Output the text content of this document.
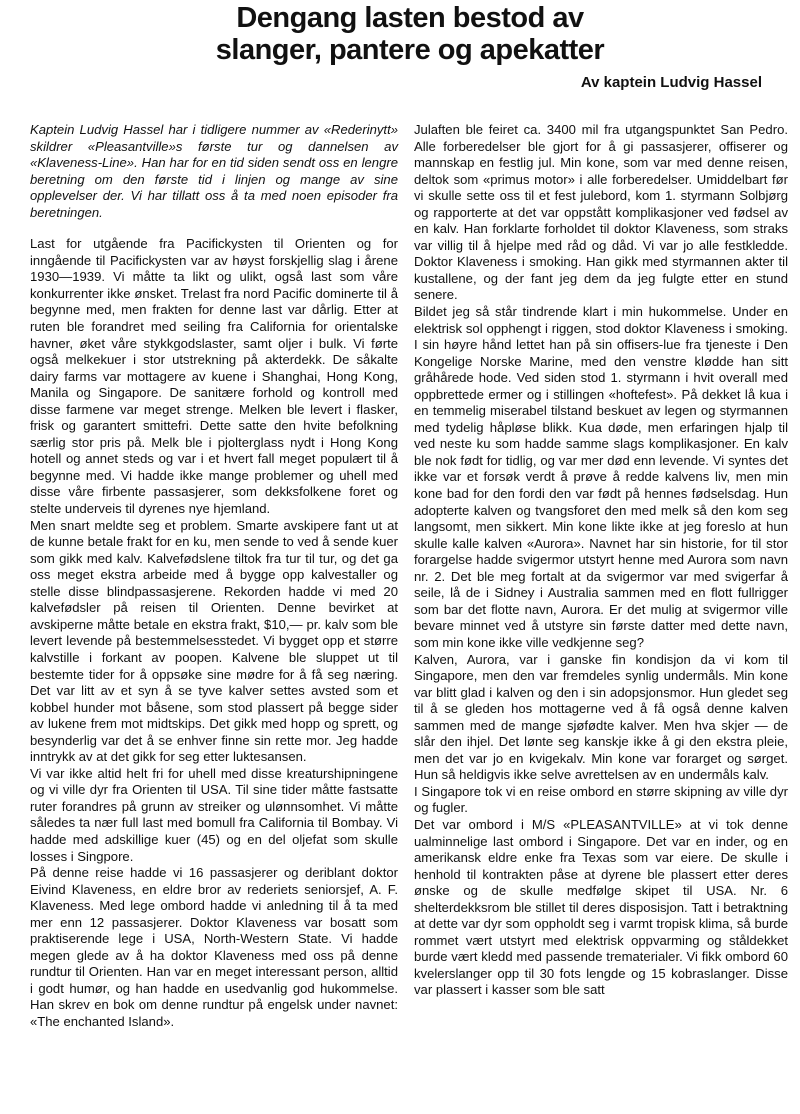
Dengang lasten bestod av
slanger, pantere og apekatter
Av kaptein Ludvig Hassel

Kaptein Ludvig Hassel har i tidligere nummer av «Rederinytt» skildrer «Pleasantville»s første tur og dannelsen av «Klaveness-Line». Han har for en tid siden sendt oss en lengre beretning om den første tid i linjen og mange av sine opplevelser der. Vi har tillatt oss å ta med noen episoder fra beretningen.

Last for utgående fra Pacifickysten til Orienten og for inngående til Pacifickysten var av høyst forskjellig slag i årene 1930—1939. Vi måtte ta likt og ulikt, også last som våre konkurrenter ikke ønsket. Trelast fra nord Pacific dominerte til å begynne med, men frakten for denne last var dårlig. Etter at ruten ble forandret med seiling fra California for orientalske havner, øket våre stykkgodslaster, samt oljer i bulk. Vi førte også melkekuer i stor utstrekning på akterdekk. De såkalte dairy farms var mottagere av kuene i Shanghai, Hong Kong, Manila og Singapore. De sanitære forhold og kontroll med disse farmene var meget strenge. Melken ble levert i flasker, frisk og garantert smittefri. Dette satte den hvite befolkning særlig stor pris på. Melk ble i pjolterglass nydt i Hong Kong hotell og annet steds og var i et hvert fall meget populært til å begynne med. Vi hadde ikke mange problemer og uhell med disse våre firbente passasjerer, som dekksfolkene foret og stelte underveis til dyrenes nye hjemland.

Men snart meldte seg et problem. Smarte avskipere fant ut at de kunne betale frakt for en ku, men sende to ved å sende kuer som gikk med kalv. Kalvefødslene tiltok fra tur til tur, og det ga oss meget ekstra arbeide med å bygge opp kalvestaller og stelle disse blindpassasjerene. Rekorden hadde vi med 20 kalvefødsler på reisen til Orienten. Denne bevirket at avskiperne måtte betale en ekstra frakt, $10,— pr. kalv som ble levert levende på bestemmelsesstedet. Vi bygget opp et større kalvstille i forkant av poopen. Kalvene ble sluppet ut til bestemte tider for å oppsøke sine mødre for å få seg næring. Det var litt av et syn å se tyve kalver settes avsted som et kobbel hunder mot båsene, som stod plassert på begge sider av lukene frem mot midtskips. Det gikk med hopp og sprett, og besynderlig var det å se enhver finne sin rette mor. Jeg hadde inntrykk av at det gikk for seg etter luktesansen.

Vi var ikke altid helt fri for uhell med disse kreaturshipningene og vi ville dyr fra Orienten til USA. Til sine tider måtte fastsatte ruter forandres på grunn av streiker og ulønnsomhet. Vi måtte således ta nær full last med bomull fra California til Bombay. Vi hadde med adskillige kuer (45) og en del oljefat som skulle losses i Singpore.

På denne reise hadde vi 16 passasjerer og deriblant doktor Eivind Klaveness, en eldre bror av rederiets seniorsjef, A. F. Klaveness. Med lege ombord hadde vi anledning til å ta med mer enn 12 passasjerer. Doktor Klaveness var bosatt som praktiserende lege i USA, North-Western State. Vi hadde megen glede av å ha doktor Klaveness med oss på denne rundtur til Orienten. Han var en meget interessant person, alltid i godt humør, og han hadde en usedvanlig god hukommelse. Han skrev en bok om denne rundtur på engelsk under navnet: «The enchanted Island».

Julaften ble feiret ca. 3400 mil fra utgangspunktet San Pedro. Alle forberedelser ble gjort for å gi passasjerer, offiserer og mannskap en festlig jul. Min kone, som var med denne reisen, deltok som «primus motor» i alle forberedelser. Umiddelbart før vi skulle sette oss til et fest julebord, kom 1. styrmann Solbjørg og rapporterte at det var oppstått komplikasjoner ved fødsel av en kalv. Han forklarte forholdet til doktor Klaveness, som straks var villig til å hjelpe med råd og dåd. Vi var jo alle festkledde. Doktor Klaveness i smoking. Han gikk med styrmannen akter til kustallene, og der fant jeg dem da jeg fulgte etter en stund senere.

Bildet jeg så står tindrende klart i min hukommelse. Under en elektrisk sol opphengt i riggen, stod doktor Klaveness i smoking. I sin høyre hånd lettet han på sin offisers-lue fra tjeneste i Den Kongelige Norske Marine, med den venstre klødde han sitt gråhårede hode. Ved siden stod 1. styrmann i hvit overall med oppbrettede ermer og i stillingen «hoftefest». På dekket lå kua i en temmelig miserabel tilstand beskuet av legen og styrmannen med tydelig håpløse blikk. Kua døde, men erfaringen hjalp til ved neste ku som hadde samme slags komplikasjoner. En kalv ble nok født for tidlig, og var mer død enn levende. Vi syntes det ikke var et forsøk verdt å prøve å redde kalvens liv, men min kone bad for den fordi den var født på hennes fødselsdag. Hun adopterte kalven og tvangsforet den med melk så den kom seg langsomt, men sikkert. Min kone likte ikke at jeg foreslo at hun skulle kalle kalven «Aurora». Navnet har sin historie, for til stor forargelse hadde svigermor utstyrt henne med Aurora som navn nr. 2. Det ble meg fortalt at da svigermor var med svigerfar å seile, lå de i Sidney i Australia sammen med en flott fullrigger som bar det flotte navn, Aurora. Er det mulig at svigermor ville bevare minnet ved å utstyre sin første datter med dette navn, som min kone ikke ville vedkjenne seg?

Kalven, Aurora, var i ganske fin kondisjon da vi kom til Singapore, men den var fremdeles synlig undermåls. Min kone var blitt glad i kalven og den i sin adopsjonsmor. Hun gledet seg til å se gleden hos mottagerne ved å få også denne kalven sammen med de mange sjøfødte kalver. Men hva skjer — de slår den ihjel. Det lønte seg kanskje ikke å gi den ekstra pleie, men det var jo en kvigekalv. Min kone var forarget og sørget. Hun så heldigvis ikke selve avrettelsen av en undermåls kalv.

I Singapore tok vi en reise ombord en større skipning av ville dyr og fugler.

Det var ombord i M/S «PLEASANTVILLE» at vi tok denne ualminnelige last ombord i Singapore. Det var en inder, og en amerikansk eldre enke fra Texas som var eiere. De skulle i henhold til kontrakten påse at dyrene ble plassert etter deres ønske og de skulle medfølge skipet til USA. Nr. 6 shelterdekksrom ble stillet til deres disposisjon. Tatt i betraktning at dette var dyr som oppholdt seg i varmt tropisk klima, så burde rommet vært utstyrt med elektrisk oppvarming og ståldekket burde vært kledd med passende trematerialer. Vi fikk ombord 60 kvelerslanger opp til 30 fots lengde og 15 kobraslanger. Disse var plassert i kasser som ble satt
